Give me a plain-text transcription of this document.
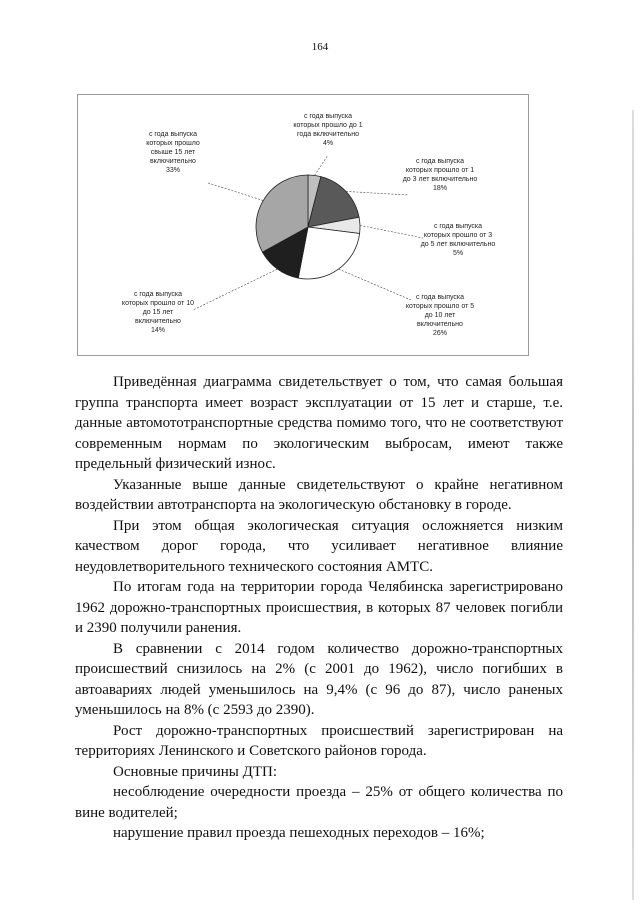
164
с года выпуска
которых прошло до 1
года включительно
4%
с года выпуска
которых прошло от 1
до 3 лет включительно
18%
с года выпуска
которых прошло от 3
до 5 лет включительно
5%
с года выпуска
которых прошло от 5
до 10 лет
включительно
26%
с года выпуска
которых прошло от 10
до 15 лет
включительно
14%
с года выпуска
которых прошло
свыше 15 лет
включительно
33%

Приведённая диаграмма свидетельствует о том, что самая большая группа транспорта имеет возраст эксплуатации от 15 лет и старше, т.е. данные автомототранспортные средства помимо того, что не соответствуют современным нормам по экологическим выбросам, имеют также предельный физический износ.

Указанные выше данные свидетельствуют о крайне негативном воздействии автотранспорта на экологическую обстановку в городе.

При этом общая экологическая ситуация осложняется низким качеством дорог города, что усиливает негативное влияние неудовлетворительного технического состояния АМТС.

По итогам года на территории города Челябинска зарегистрировано 1962 дорожно-транспортных происшествия, в которых 87 человек погибли и 2390 получили ранения.

В сравнении с 2014 годом количество дорожно-транспортных происшествий снизилось на 2% (с 2001 до 1962), число погибших в автоавариях людей уменьшилось на 9,4% (с 96 до 87), число раненых уменьшилось на 8% (с 2593 до 2390).

Рост дорожно-транспортных происшествий зарегистрирован на территориях Ленинского и Советского районов города.

Основные причины ДТП:

несоблюдение очередности проезда – 25% от общего количества по вине водителей;

нарушение правил проезда пешеходных переходов – 16%;
